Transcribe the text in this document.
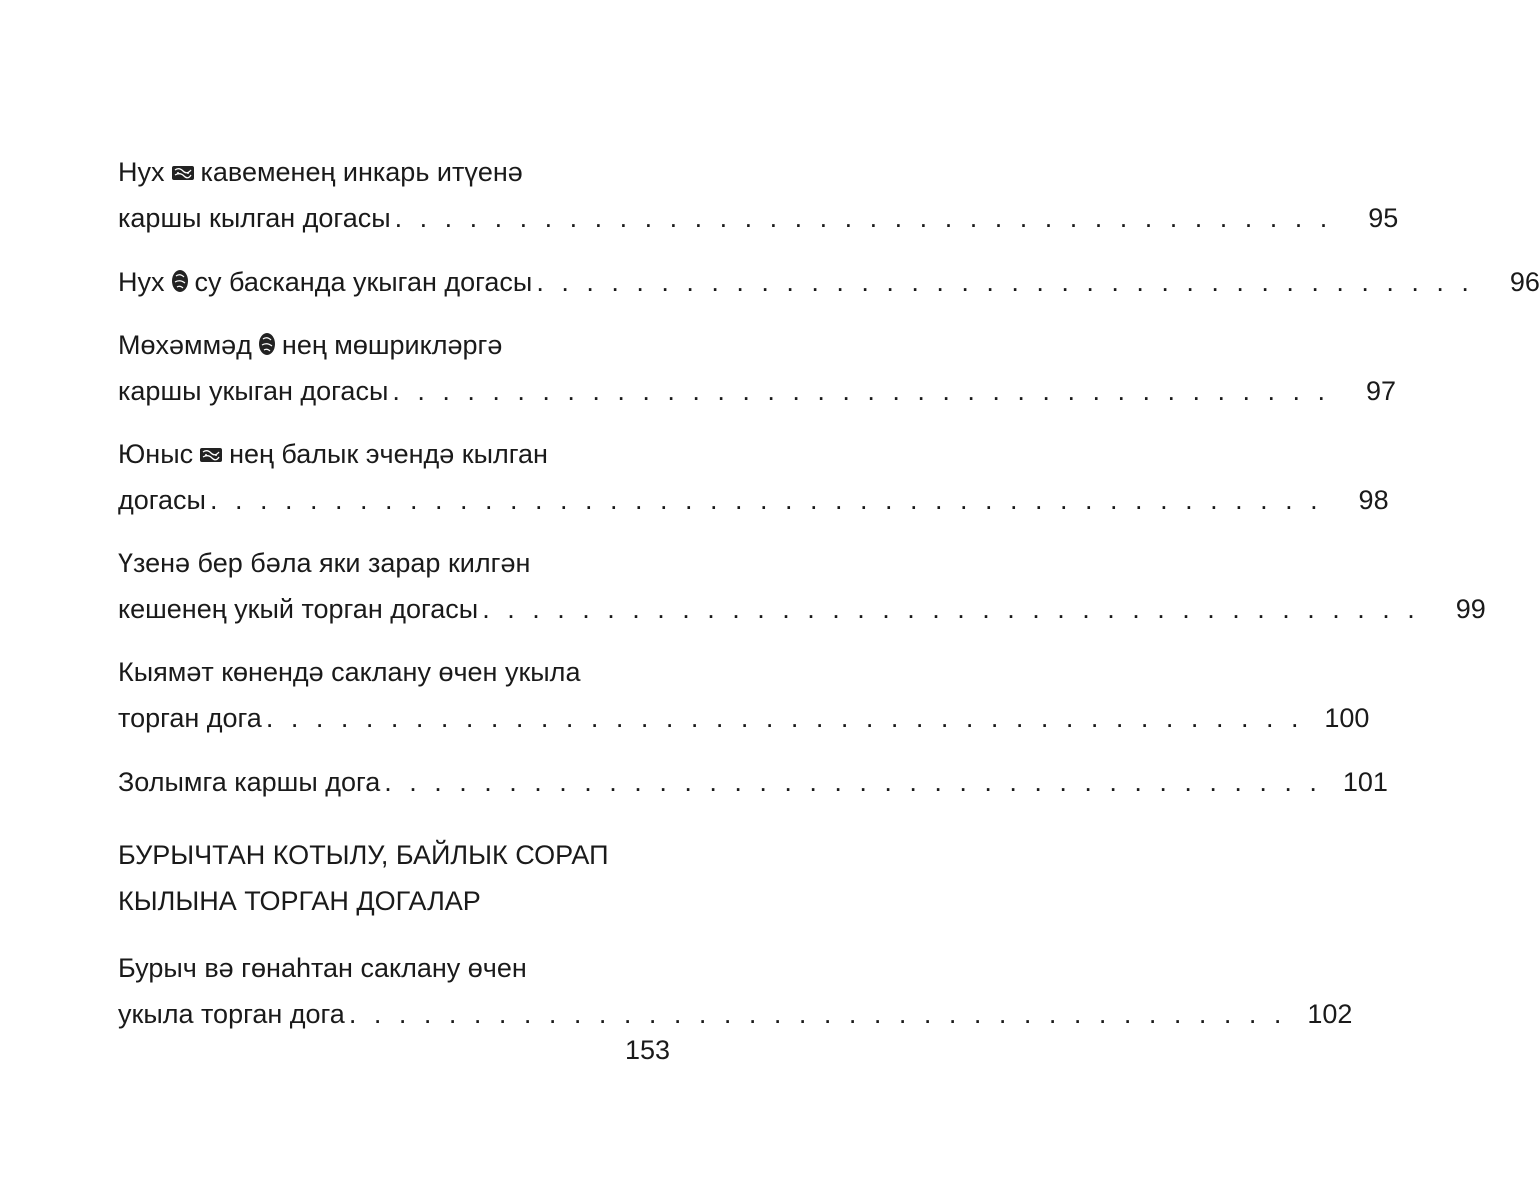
Нух кавеменең инкарь итүенә
каршы кылган догасы . . . . . . . . . . . . . . . . . . . . . . . . . . . . . . . . . . . . . .	95
Нух су басканда укыган догасы . . . . . . . . . . . . . . . . . . . . . . . . . . . . . . . . . . . . . .	96
Мөхәммәд нең мөшрикләргә
каршы укыган догасы . . . . . . . . . . . . . . . . . . . . . . . . . . . . . . . . . . . . . .	97
Юныс нең балык эчендә кылган
догасы . . . . . . . . . . . . . . . . . . . . . . . . . . . . . . . . . . . . . . . . . . . . .	98
Үзенә бер бәла яки зарар килгән
кешенең укый торган догасы . . . . . . . . . . . . . . . . . . . . . . . . . . . . . . . . . . . . . .	99
Кыямәт көнендә саклану өчен укыла
торган дога . . . . . . . . . . . . . . . . . . . . . . . . . . . . . . . . . . . . . . . . . . 100
Золымга каршы дога . . . . . . . . . . . . . . . . . . . . . . . . . . . . . . . . . . . . . . 101
БУРЫЧТАН КОТЫЛУ, БАЙЛЫК СОРАП
КЫЛЫНА ТОРГАН ДОГАЛАР
Бурыч вә гөнаһтан саклану өчен
укыла торган дога . . . . . . . . . . . . . . . . . . . . . . . . . . . . . . . . . . . . . . 102
153
